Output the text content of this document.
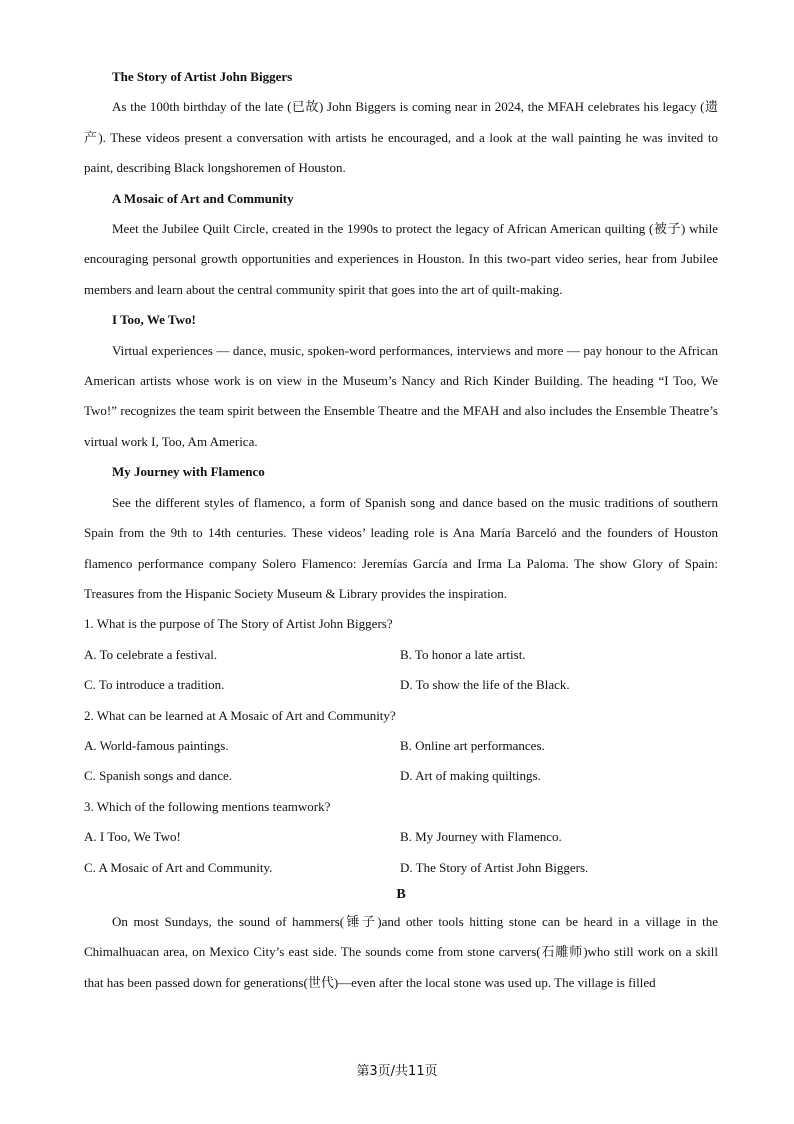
The Story of Artist John Biggers

As the 100th birthday of the late (已故) John Biggers is coming near in 2024, the MFAH celebrates his legacy (遗产). These videos present a conversation with artists he encouraged, and a look at the wall painting he was invited to paint, describing Black longshoremen of Houston.

A Mosaic of Art and Community

Meet the Jubilee Quilt Circle, created in the 1990s to protect the legacy of African American quilting (被子) while encouraging personal growth opportunities and experiences in Houston. In this two-part video series, hear from Jubilee members and learn about the central community spirit that goes into the art of quilt-making.

I Too, We Two!

Virtual experiences — dance, music, spoken-word performances, interviews and more — pay honour to the African American artists whose work is on view in the Museum’s Nancy and Rich Kinder Building. The heading “I Too, We Two!” recognizes the team spirit between the Ensemble Theatre and the MFAH and also includes the Ensemble Theatre’s virtual work I, Too, Am America.

My Journey with Flamenco

See the different styles of flamenco, a form of Spanish song and dance based on the music traditions of southern Spain from the 9th to 14th centuries. These videos’ leading role is Ana María Barceló and the founders of Houston flamenco performance company Solero Flamenco: Jeremías García and Irma La Paloma. The show Glory of Spain: Treasures from the Hispanic Society Museum & Library provides the inspiration.

1. What is the purpose of The Story of Artist John Biggers?

A. To celebrate a festival.	B. To honor a late artist.

C. To introduce a tradition.	D. To show the life of the Black.

2. What can be learned at A Mosaic of Art and Community?

A. World-famous paintings.	B. Online art performances.

C. Spanish songs and dance.	D. Art of making quiltings.

3. Which of the following mentions teamwork?

A. I Too, We Two!	B. My Journey with Flamenco.

C. A Mosaic of Art and Community.	D. The Story of Artist John Biggers.

B

On most Sundays, the sound of hammers(锤子)and other tools hitting stone can be heard in a village in the Chimalhuacan area, on Mexico City’s east side. The sounds come from stone carvers(石雕师)who still work on a skill that has been passed down for generations(世代)—even after the local stone was used up. The village is filled

第3页/共11页
